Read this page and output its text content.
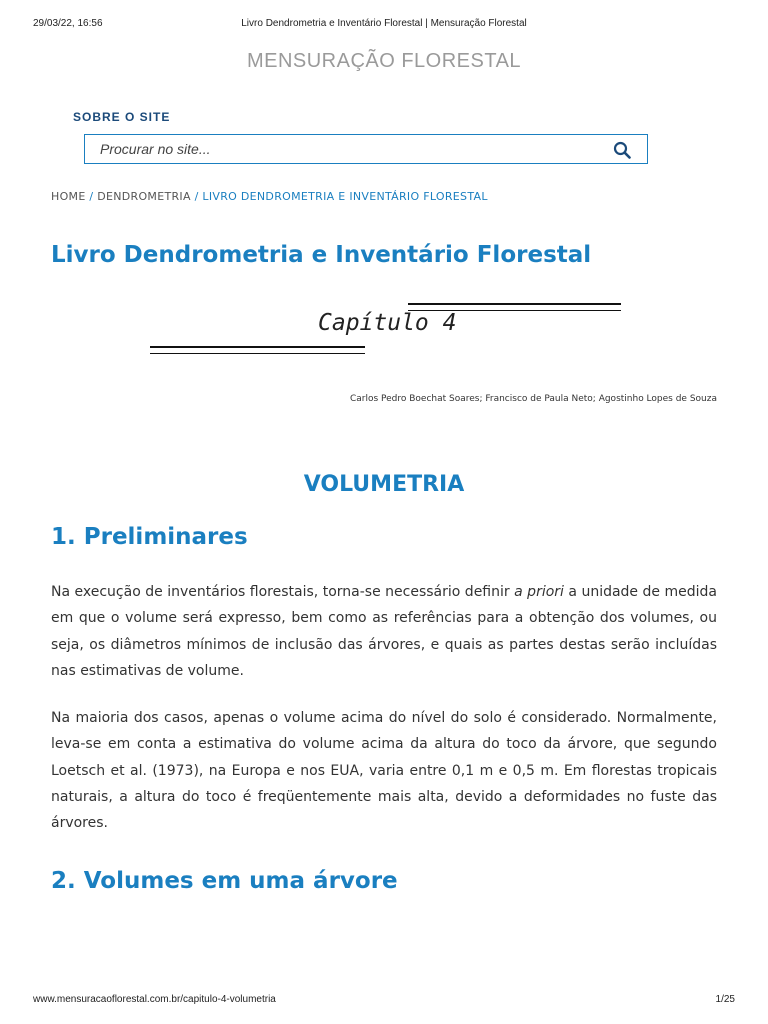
29/03/22, 16:56	Livro Dendrometria e Inventário Florestal | Mensuração Florestal
MENSURAÇÃO FLORESTAL
SOBRE O SITE
Procurar no site...
HOME / DENDROMETRIA / LIVRO DENDROMETRIA E INVENTÁRIO FLORESTAL
Livro Dendrometria e Inventário Florestal
Capítulo 4
Carlos Pedro Boechat Soares; Francisco de Paula Neto; Agostinho Lopes de Souza
VOLUMETRIA
1. Preliminares

Na execução de inventários florestais, torna-se necessário definir a priori a unidade de medida em que o volume será expresso, bem como as referências para a obtenção dos volumes, ou seja, os diâmetros mínimos de inclusão das árvores, e quais as partes destas serão incluídas nas estimativas de volume.

Na maioria dos casos, apenas o volume acima do nível do solo é considerado. Normalmente, leva-se em conta a estimativa do volume acima da altura do toco da árvore, que segundo Loetsch et al. (1973), na Europa e nos EUA, varia entre 0,1 m e 0,5 m. Em florestas tropicais naturais, a altura do toco é freqüentemente mais alta, devido a deformidades no fuste das árvores.

2. Volumes em uma árvore
www.mensuracaoflorestal.com.br/capitulo-4-volumetria	1/25
